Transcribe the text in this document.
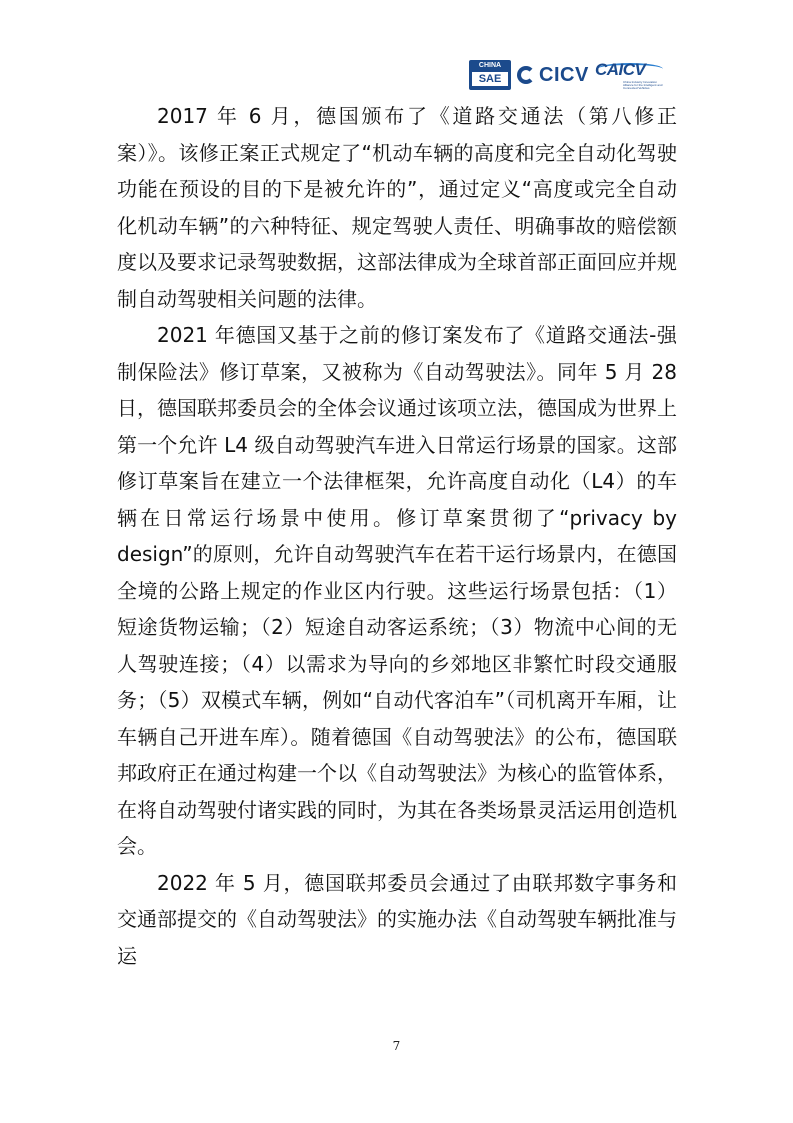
CHINA
SAE	CICV CAICV
China Industry Innovation Alliance for the Intelligent and Connected Vehicles

2017 年 6 月，德国颁布了《道路交通法（第八修正案）》。该修正案正式规定了“机动车辆的高度和完全自动化驾驶功能在预设的目的下是被允许的”，通过定义“高度或完全自动化机动车辆”的六种特征、规定驾驶人责任、明确事故的赔偿额度以及要求记录驾驶数据，这部法律成为全球首部正面回应并规制自动驾驶相关问题的法律。

2021 年德国又基于之前的修订案发布了《道路交通法-强制保险法》修订草案，又被称为《自动驾驶法》。同年 5 月 28 日，德国联邦委员会的全体会议通过该项立法，德国成为世界上第一个允许 L4 级自动驾驶汽车进入日常运行场景的国家。这部修订草案旨在建立一个法律框架，允许高度自动化（L4）的车辆在日常运行场景中使用。修订草案贯彻了“privacy by design”的原则，允许自动驾驶汽车在若干运行场景内，在德国全境的公路上规定的作业区内行驶。这些运行场景包括：（1）短途货物运输；（2）短途自动客运系统；（3）物流中心间的无人驾驶连接；（4）以需求为导向的乡郊地区非繁忙时段交通服务；（5）双模式车辆，例如“自动代客泊车”（司机离开车厢，让车辆自己开进车库）。随着德国《自动驾驶法》的公布，德国联邦政府正在通过构建一个以《自动驾驶法》为核心的监管体系，在将自动驾驶付诸实践的同时，为其在各类场景灵活运用创造机会。

2022 年 5 月，德国联邦委员会通过了由联邦数字事务和交通部提交的《自动驾驶法》的实施办法《自动驾驶车辆批准与运

7
